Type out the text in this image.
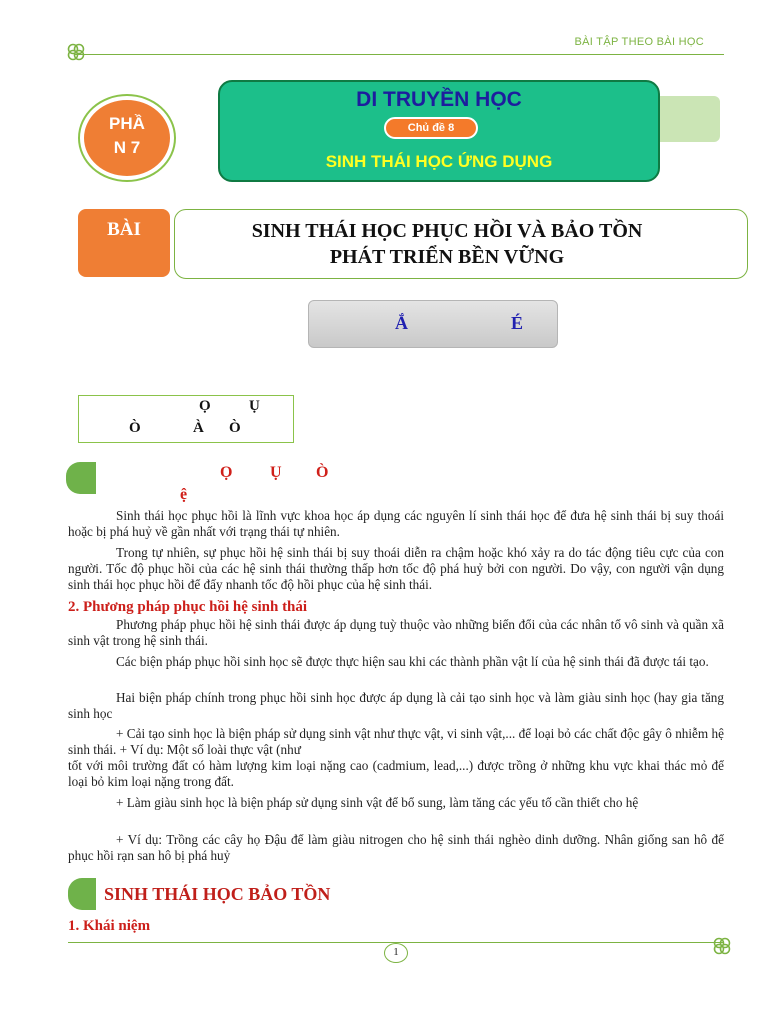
BÀI TẬP THEO BÀI HỌC
DI TRUYỀN HỌC
Chủ đề 8
SINH THÁI HỌC ỨNG DỤNG
PHẦ
N 7
BÀI	SINH THÁI HỌC PHỤC HỒI VÀ BẢO TỒN
PHÁT TRIỂN BỀN VỮNG
Ắ	É
Ọ	Ụ
Ò	À Ò
Ọ Ụ Ò
ệ
Sinh thái học phục hồi là lĩnh vực khoa học áp dụng các nguyên lí sinh thái học để đưa hệ sinh thái bị suy thoái hoặc bị phá huỷ về gần nhất với trạng thái tự nhiên.
Trong tự nhiên, sự phục hồi hệ sinh thái bị suy thoái diễn ra chậm hoặc khó xảy ra do tác động tiêu cực của con người. Tốc độ phục hồi của các hệ sinh thái thường thấp hơn tốc độ phá huỷ bởi con người. Do vậy, con người vận dụng sinh thái học phục hồi để đẩy nhanh tốc độ hồi phục của hệ sinh thái.
2. Phương pháp phục hồi hệ sinh thái
Phương pháp phục hồi hệ sinh thái được áp dụng tuỳ thuộc vào những biến đổi của các nhân tố vô sinh và quần xã sinh vật trong hệ sinh thái.
Các biện pháp phục hồi sinh học sẽ được thực hiện sau khi các thành phần vật lí của hệ sinh thái đã được tái tạo.
Hai biện pháp chính trong phục hồi sinh học được áp dụng là cải tạo sinh học và làm giàu sinh học (hay gia tăng sinh học
+ Cải tạo sinh học là biện pháp sử dụng sinh vật như thực vật, vi sinh vật,... để loại bỏ các chất độc gây ô nhiễm hệ sinh thái. + Ví dụ: Một số loài thực vật (như
tốt với môi trường đất có hàm lượng kim loại nặng cao (cadmium, lead,...) được trồng ở những khu vực khai thác mỏ để loại bỏ kim loại nặng trong đất.
+ Làm giàu sinh học là biện pháp sử dụng sinh vật để bổ sung, làm tăng các yếu tố cần thiết cho hệ
+ Ví dụ: Trồng các cây họ Đậu để làm giàu nitrogen cho hệ sinh thái nghèo dinh dưỡng. Nhân giống san hô để phục hồi rạn san hô bị phá huỷ
SINH THÁI HỌC BẢO TỒN
1. Khái niệm
1
